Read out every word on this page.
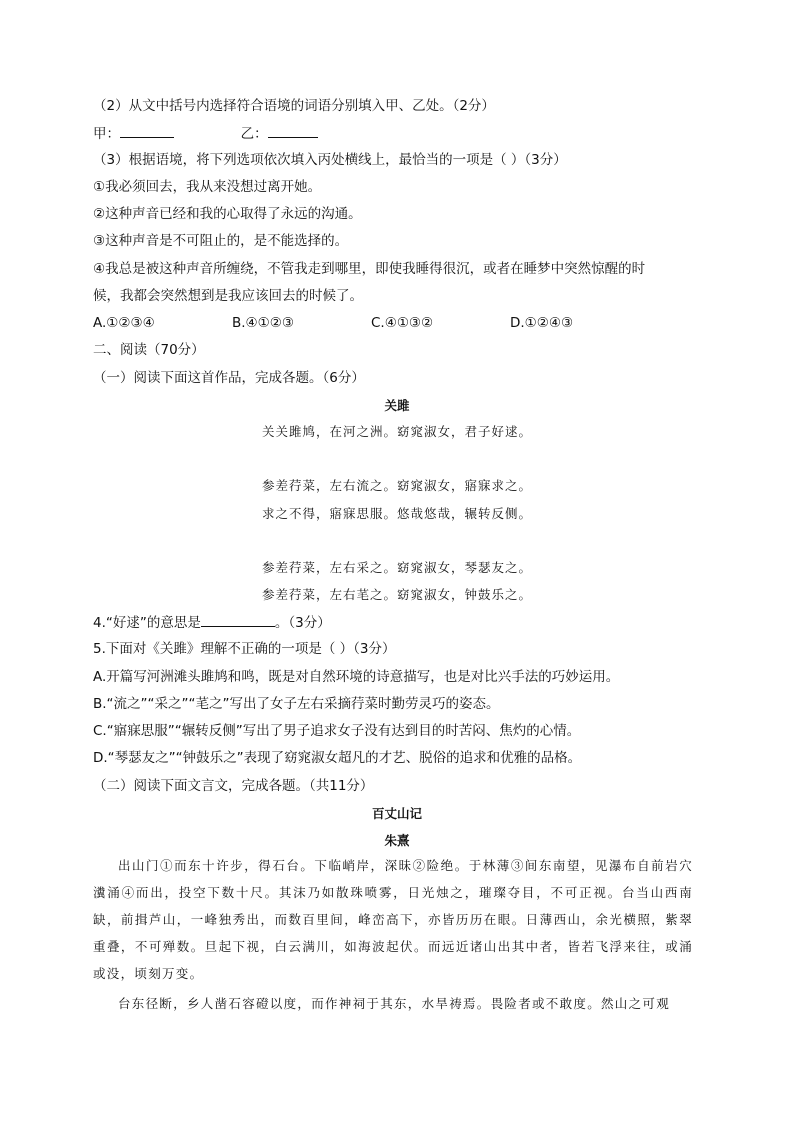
（2）从文中括号内选择符合语境的词语分别填入甲、乙处。（2分）
甲：	乙：
（3）根据语境，将下列选项依次填入丙处横线上，最恰当的一项是（ ）（3分）
①我必须回去，我从来没想过离开她。
②这种声音已经和我的心取得了永远的沟通。
③这种声音是不可阻止的，是不能选择的。
④我总是被这种声音所缠绕，不管我走到哪里，即使我睡得很沉，或者在睡梦中突然惊醒的时
候，我都会突然想到是我应该回去的时候了。
A.①②③④	B.④①②③	C.④①③②	D.①②④③
二、阅读（70分）
（一）阅读下面这首作品，完成各题。（6分）
关雎
关关雎鸠，在河之洲。窈窕淑女，君子好逑。
参差荇菜，左右流之。窈窕淑女，寤寐求之。
求之不得，寤寐思服。悠哉悠哉，辗转反侧。
参差荇菜，左右采之。窈窕淑女，琴瑟友之。
参差荇菜，左右芼之。窈窕淑女，钟鼓乐之。
4.“好逑”的意思是	。（3分）
5.下面对《关雎》理解不正确的一项是（ ）（3分）
A.开篇写河洲滩头雎鸠和鸣，既是对自然环境的诗意描写，也是对比兴手法的巧妙运用。
B.“流之”“采之”“芼之”写出了女子左右采摘荇菜时勤劳灵巧的姿态。
C.“寤寐思服”“辗转反侧”写出了男子追求女子没有达到目的时苦闷、焦灼的心情。
D.“琴瑟友之”“钟鼓乐之”表现了窈窕淑女超凡的才艺、脱俗的追求和优雅的品格。
（二）阅读下面文言文，完成各题。（共11分）
百丈山记
朱熹
出山门①而东十许步，得石台。下临峭岸，深昧②险绝。于林薄③间东南望，见瀑布自前岩穴瀵涌④而出，投空下数十尺。其沫乃如散珠喷雾，日光烛之，璀璨夺目，不可正视。台当山西南缺，前揖芦山，一峰独秀出，而数百里间，峰峦高下，亦皆历历在眼。日薄西山，余光横照，紫翠重叠，不可殚数。旦起下视，白云满川，如海波起伏。而远近诸山出其中者，皆若飞浮来往，或涌或没，顷刻万变。
台东径断，乡人凿石容磴以度，而作神祠于其东，水旱祷焉。畏险者或不敢度。然山之可观
